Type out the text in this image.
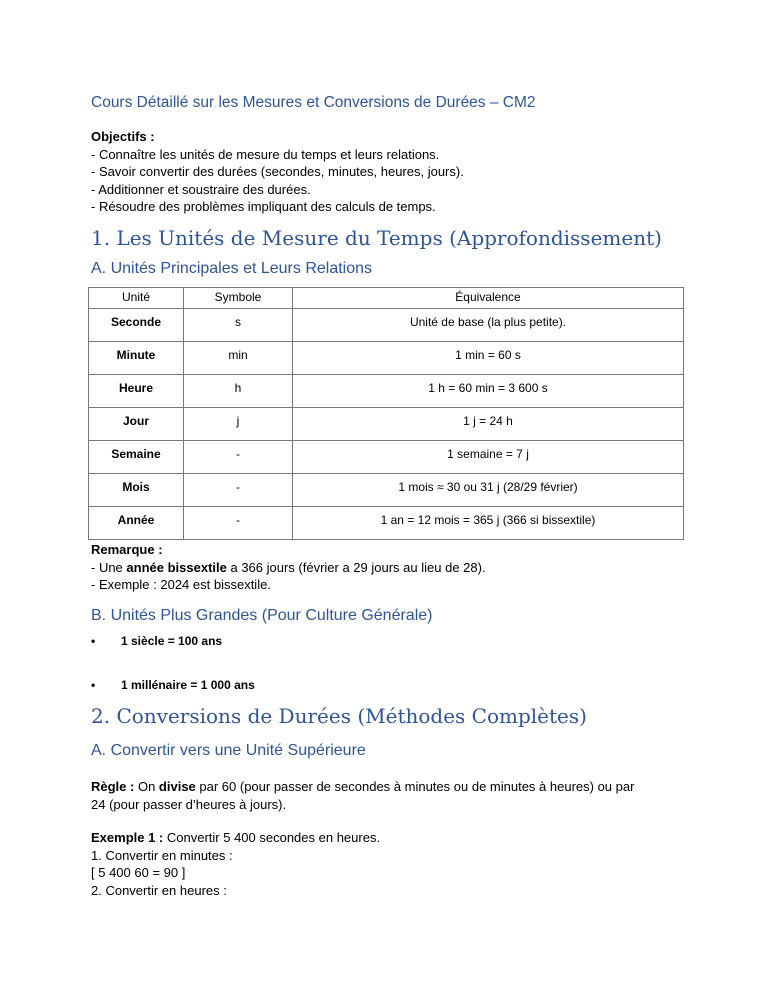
Cours Détaillé sur les Mesures et Conversions de Durées – CM2
Objectifs :
- Connaître les unités de mesure du temps et leurs relations.
- Savoir convertir des durées (secondes, minutes, heures, jours).
- Additionner et soustraire des durées.
- Résoudre des problèmes impliquant des calculs de temps.
1. Les Unités de Mesure du Temps (Approfondissement)
A. Unités Principales et Leurs Relations
Unité	Symbole	Équivalence
Seconde	s	Unité de base (la plus petite).
Minute	min	1 min = 60 s
Heure	h	1 h = 60 min = 3 600 s
Jour	j	1 j = 24 h
Semaine	-	1 semaine = 7 j
Mois	-	1 mois ≈ 30 ou 31 j (28/29 février)
Année	-	1 an = 12 mois = 365 j (366 si bissextile)
Remarque :
- Une année bissextile a 366 jours (février a 29 jours au lieu de 28).
- Exemple : 2024 est bissextile.
B. Unités Plus Grandes (Pour Culture Générale)
• 1 siècle = 100 ans
• 1 millénaire = 1 000 ans
2. Conversions de Durées (Méthodes Complètes)
A. Convertir vers une Unité Supérieure
Règle : On divise par 60 (pour passer de secondes à minutes ou de minutes à heures) ou par
24 (pour passer d’heures à jours).
Exemple 1 : Convertir 5 400 secondes en heures.
1. Convertir en minutes :
[ 5 400 60 = 90 ]
2. Convertir en heures :
